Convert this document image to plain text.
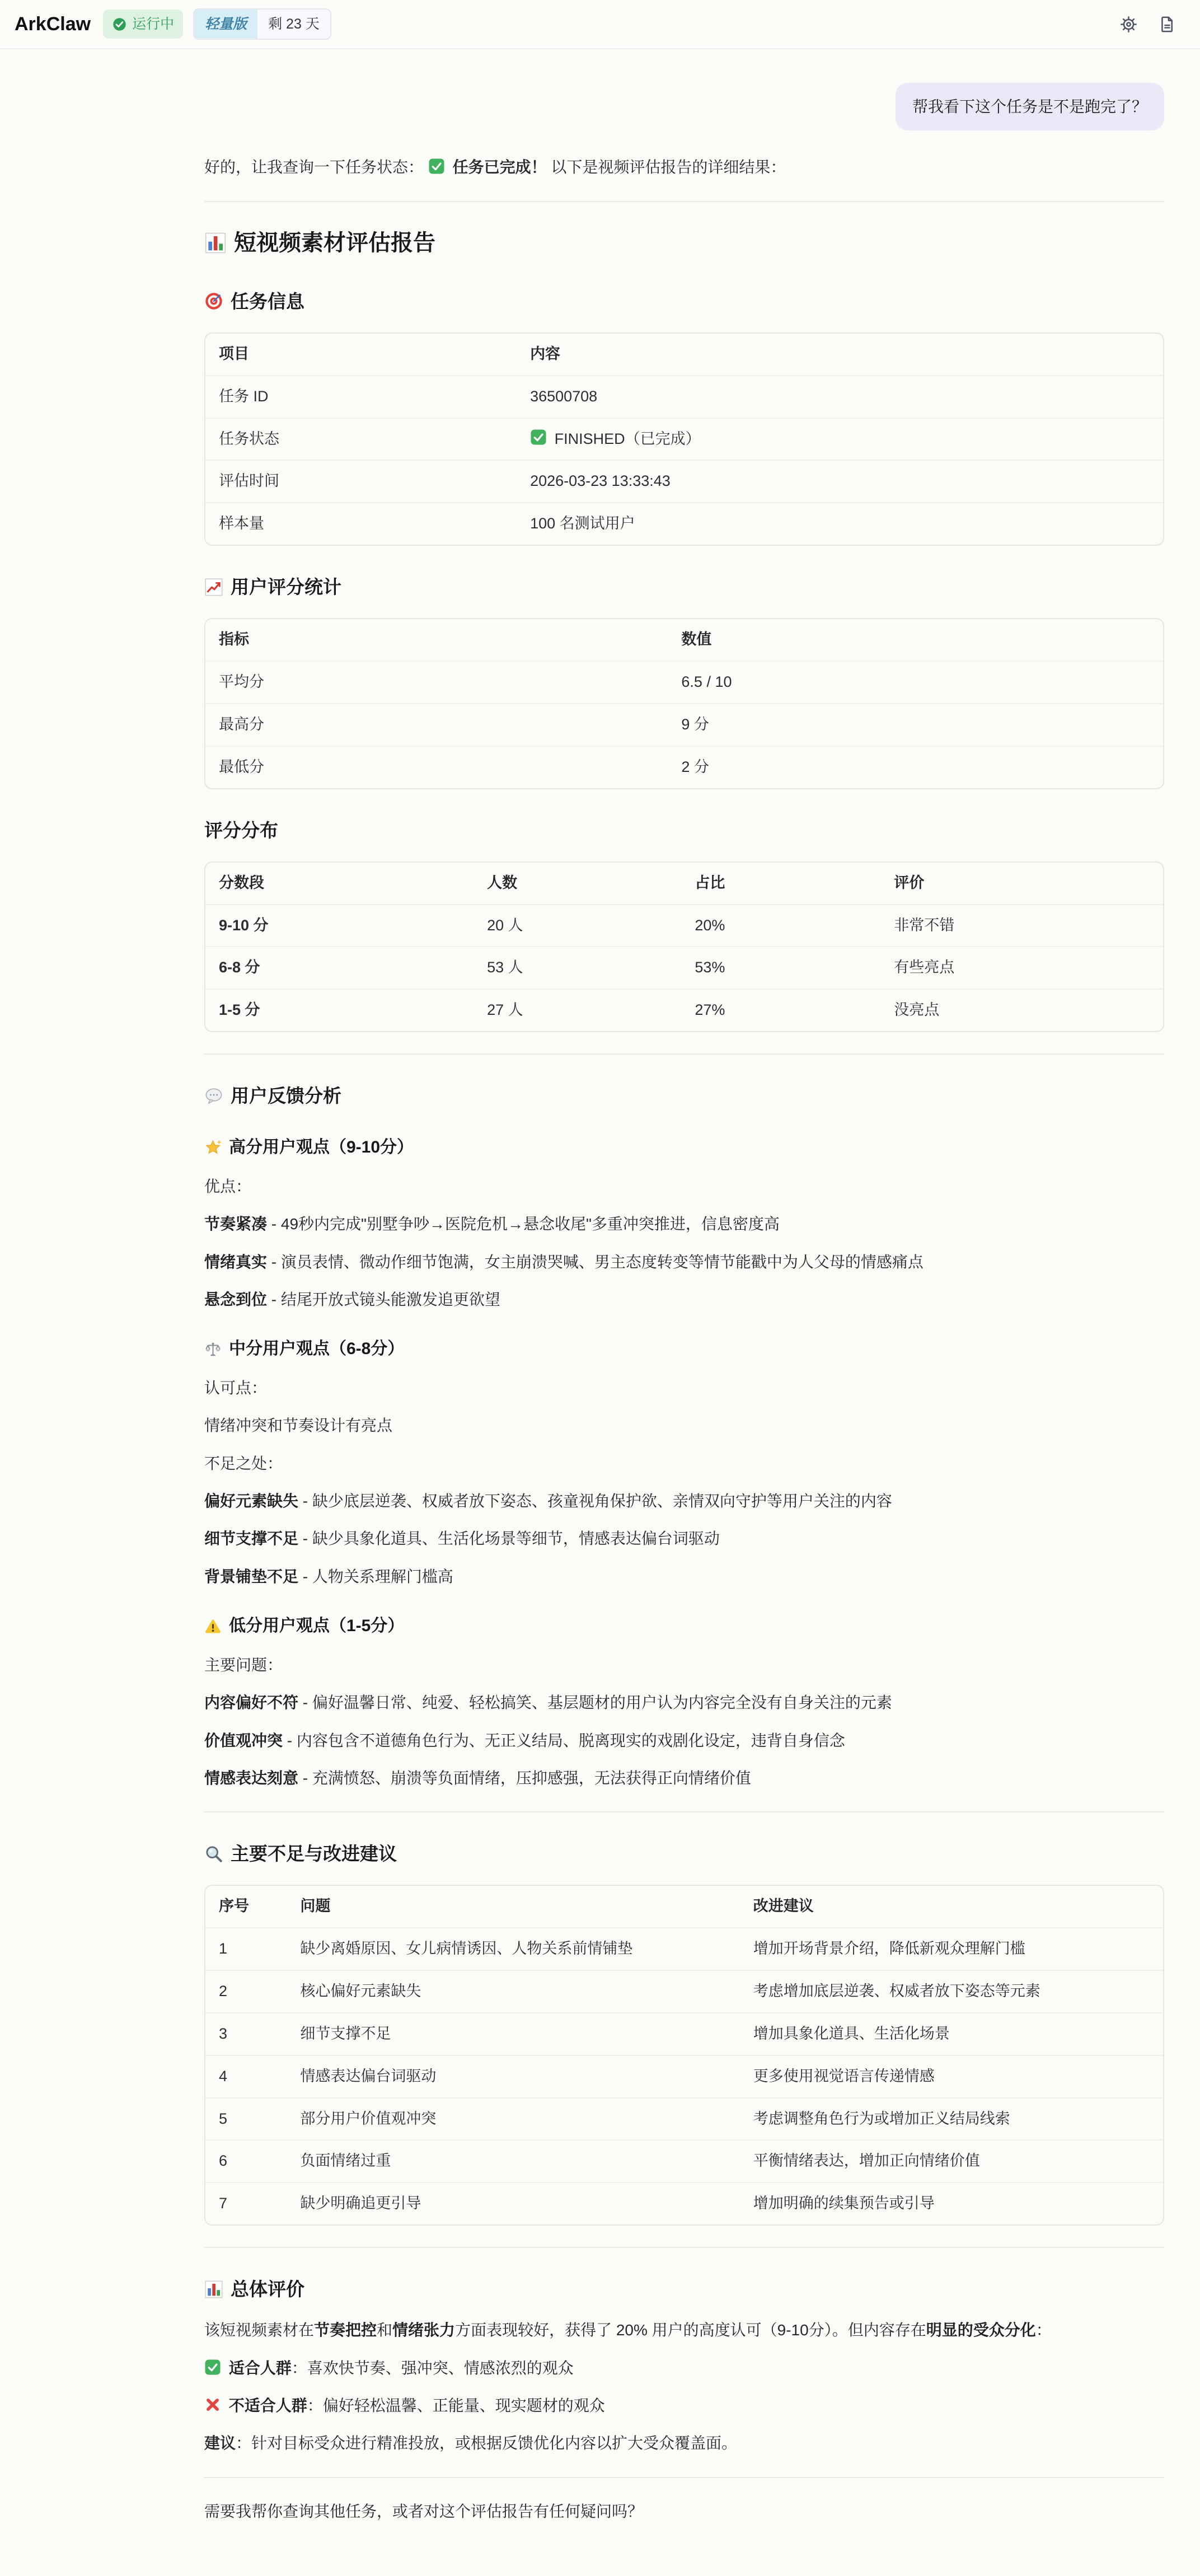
ArkClaw	运行中	轻量版	剩 23 天
帮我看下这个任务是不是跑完了？

好的，让我查询一下任务状态： 任务已完成！ 以下是视频评估报告的详细结果：

短视频素材评估报告
任务信息
项目	内容
任务 ID	36500708
任务状态	FINISHED（已完成）
评估时间	2026-03-23 13:33:43
样本量	100 名测试用户
用户评分统计
指标	数值
平均分	6.5 / 10
最高分	9 分
最低分	2 分
评分分布
分数段	人数	占比	评价
9-10 分	20 人	20%	非常不错
6-8 分	53 人	53%	有些亮点
1-5 分	27 人	27%	没亮点
用户反馈分析
高分用户观点（9-10分）

优点：

节奏紧凑 - 49秒内完成"别墅争吵→医院危机→悬念收尾"多重冲突推进，信息密度高

情绪真实 - 演员表情、微动作细节饱满，女主崩溃哭喊、男主态度转变等情节能戳中为人父母的情感痛点

悬念到位 - 结尾开放式镜头能激发追更欲望

中分用户观点（6-8分）

认可点：

情绪冲突和节奏设计有亮点

不足之处：

偏好元素缺失 - 缺少底层逆袭、权威者放下姿态、孩童视角保护欲、亲情双向守护等用户关注的内容

细节支撑不足 - 缺少具象化道具、生活化场景等细节，情感表达偏台词驱动

背景铺垫不足 - 人物关系理解门槛高

低分用户观点（1-5分）

主要问题：

内容偏好不符 - 偏好温馨日常、纯爱、轻松搞笑、基层题材的用户认为内容完全没有自身关注的元素

价值观冲突 - 内容包含不道德角色行为、无正义结局、脱离现实的戏剧化设定，违背自身信念

情感表达刻意 - 充满愤怒、崩溃等负面情绪，压抑感强，无法获得正向情绪价值

主要不足与改进建议
序号	问题	改进建议
1	缺少离婚原因、女儿病情诱因、人物关系前情铺垫	增加开场背景介绍，降低新观众理解门槛
2	核心偏好元素缺失	考虑增加底层逆袭、权威者放下姿态等元素
3	细节支撑不足	增加具象化道具、生活化场景
4	情感表达偏台词驱动	更多使用视觉语言传递情感
5	部分用户价值观冲突	考虑调整角色行为或增加正义结局线索
6	负面情绪过重	平衡情绪表达，增加正向情绪价值
7	缺少明确追更引导	增加明确的续集预告或引导
总体评价

该短视频素材在节奏把控和情绪张力方面表现较好，获得了 20% 用户的高度认可（9-10分）。但内容存在明显的受众分化：

适合人群：喜欢快节奏、强冲突、情感浓烈的观众

不适合人群：偏好轻松温馨、正能量、现实题材的观众

建议：针对目标受众进行精准投放，或根据反馈优化内容以扩大受众覆盖面。

需要我帮你查询其他任务，或者对这个评估报告有任何疑问吗？
